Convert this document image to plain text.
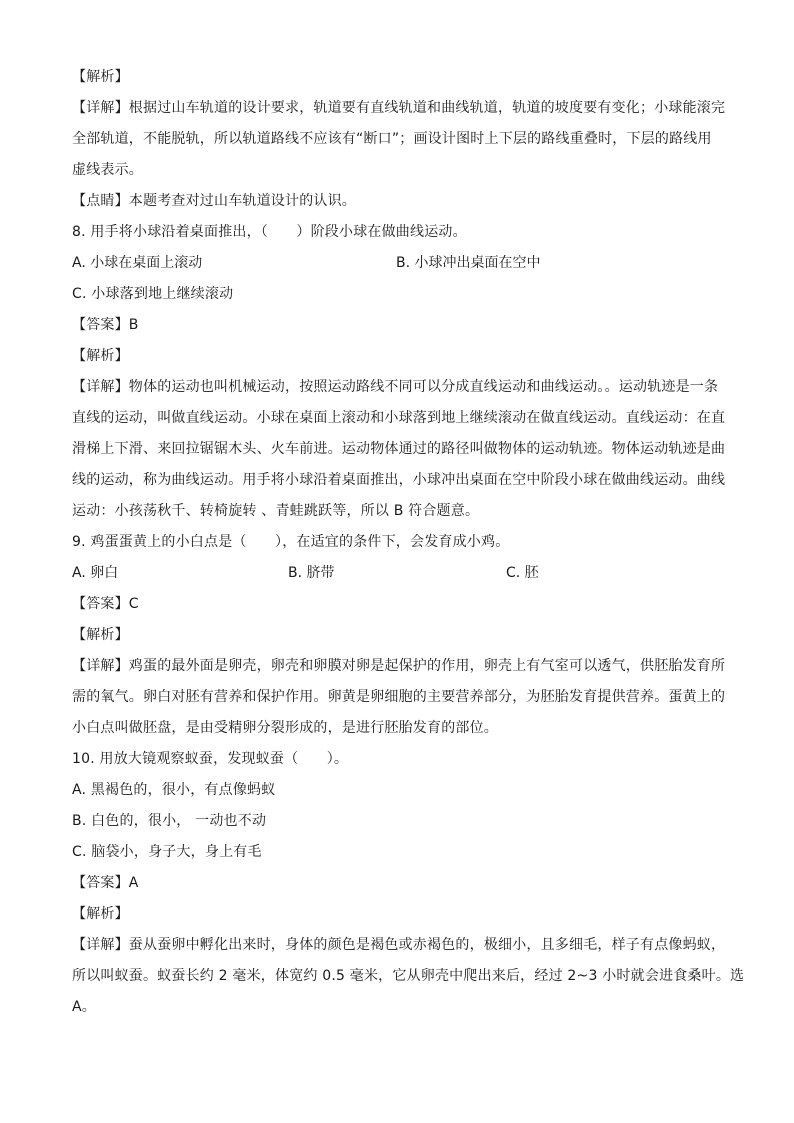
【解析】
【详解】根据过山车轨道的设计要求，轨道要有直线轨道和曲线轨道，轨道的坡度要有变化；小球能滚完
全部轨道，不能脱轨，所以轨道路线不应该有“断口”；画设计图时上下层的路线重叠时，下层的路线用
虚线表示。
【点睛】本题考查对过山车轨道设计的认识。
8. 用手将小球沿着桌面推出，（　　）阶段小球在做曲线运动。
A. 小球在桌面上滚动	B. 小球冲出桌面在空中
C. 小球落到地上继续滚动
【答案】B
【解析】
【详解】物体的运动也叫机械运动，按照运动路线不同可以分成直线运动和曲线运动。。运动轨迹是一条
直线的运动，叫做直线运动。小球在桌面上滚动和小球落到地上继续滚动在做直线运动。直线运动：在直
滑梯上下滑、来回拉锯锯木头、火车前进。运动物体通过的路径叫做物体的运动轨迹。物体运动轨迹是曲
线的运动，称为曲线运动。用手将小球沿着桌面推出，小球冲出桌面在空中阶段小球在做曲线运动。曲线
运动：小孩荡秋千、转椅旋转 、青蛙跳跃等，所以 B 符合题意。
9. 鸡蛋蛋黄上的小白点是（　　），在适宜的条件下，会发育成小鸡。
A. 卵白	B. 脐带	C. 胚
【答案】C
【解析】
【详解】鸡蛋的最外面是卵壳，卵壳和卵膜对卵是起保护的作用，卵壳上有气室可以透气，供胚胎发育所
需的氧气。卵白对胚有营养和保护作用。卵黄是卵细胞的主要营养部分，为胚胎发育提供营养。蛋黄上的
小白点叫做胚盘，是由受精卵分裂形成的，是进行胚胎发育的部位。
10. 用放大镜观察蚁蚕，发现蚁蚕（　　）。
A. 黑褐色的，很小，有点像蚂蚁
B. 白色的，很小， 一动也不动
C. 脑袋小，身子大，身上有毛
【答案】A
【解析】
【详解】蚕从蚕卵中孵化出来时，身体的颜色是褐色或赤褐色的，极细小，且多细毛，样子有点像蚂蚁，
所以叫蚁蚕。蚁蚕长约 2 毫米，体宽约 0.5 毫米，它从卵壳中爬出来后，经过 2~3 小时就会进食桑叶。选
A。
